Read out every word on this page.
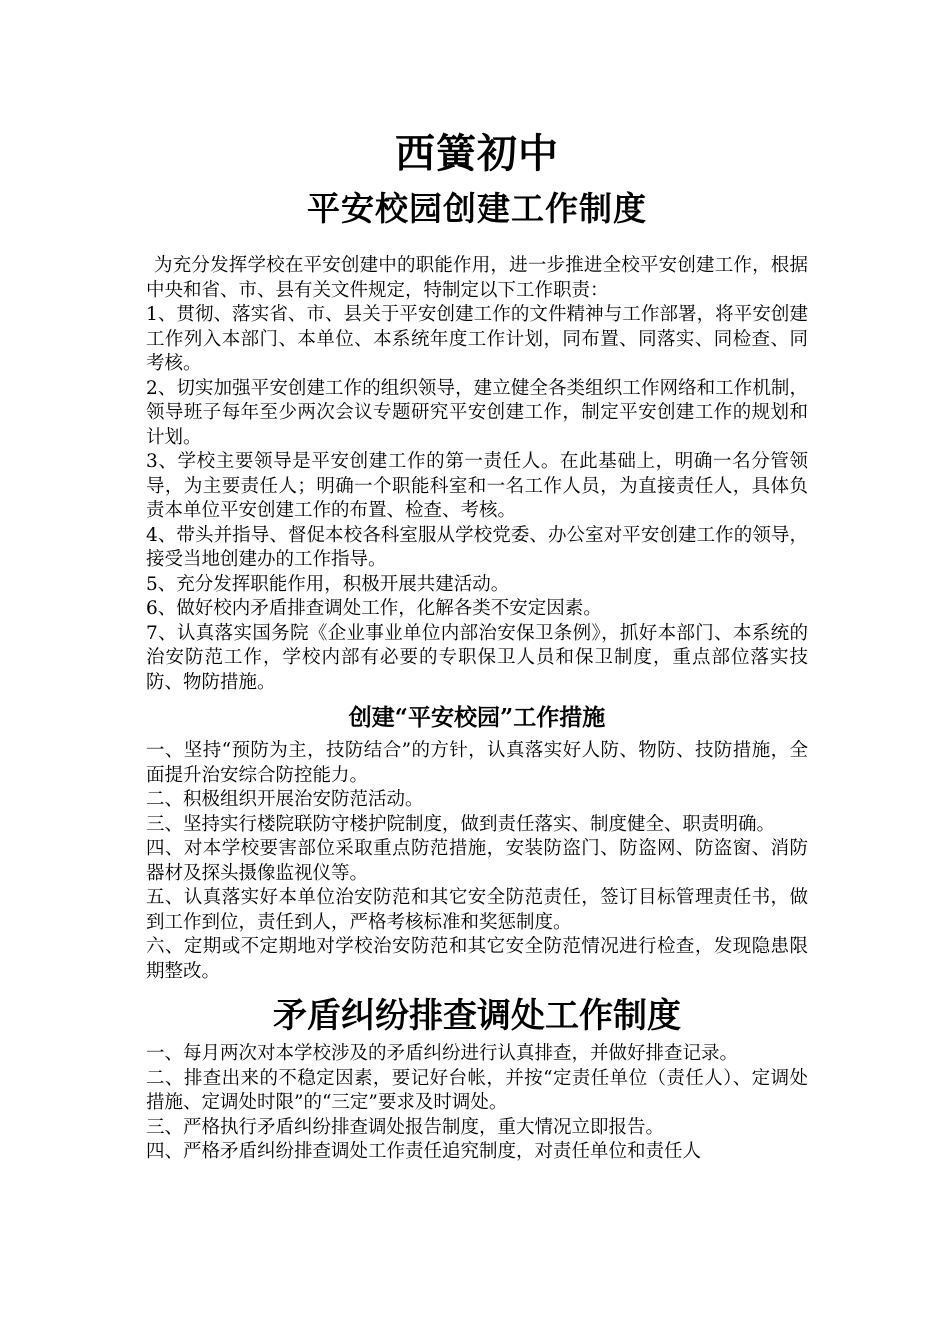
西簧初中
平安校园创建工作制度

为充分发挥学校在平安创建中的职能作用，进一步推进全校平安创建工作，根据中央和省、市、县有关文件规定，特制定以下工作职责：

1、贯彻、落实省、市、县关于平安创建工作的文件精神与工作部署，将平安创建工作列入本部门、本单位、本系统年度工作计划，同布置、同落实、同检查、同考核。

2、切实加强平安创建工作的组织领导，建立健全各类组织工作网络和工作机制，领导班子每年至少两次会议专题研究平安创建工作，制定平安创建工作的规划和计划。

3、学校主要领导是平安创建工作的第一责任人。在此基础上，明确一名分管领导，为主要责任人；明确一个职能科室和一名工作人员，为直接责任人，具体负责本单位平安创建工作的布置、检查、考核。

4、带头并指导、督促本校各科室服从学校党委、办公室对平安创建工作的领导，接受当地创建办的工作指导。

5、充分发挥职能作用，积极开展共建活动。

6、做好校内矛盾排查调处工作，化解各类不安定因素。

7、认真落实国务院《企业事业单位内部治安保卫条例》，抓好本部门、本系统的治安防范工作，学校内部有必要的专职保卫人员和保卫制度，重点部位落实技防、物防措施。

创建“平安校园”工作措施

一、坚持“预防为主，技防结合”的方针，认真落实好人防、物防、技防措施，全面提升治安综合防控能力。

二、积极组织开展治安防范活动。

三、坚持实行楼院联防守楼护院制度，做到责任落实、制度健全、职责明确。

四、对本学校要害部位采取重点防范措施，安装防盗门、防盗网、防盗窗、消防器材及探头摄像监视仪等。

五、认真落实好本单位治安防范和其它安全防范责任，签订目标管理责任书，做到工作到位，责任到人，严格考核标准和奖惩制度。

六、定期或不定期地对学校治安防范和其它安全防范情况进行检查，发现隐患限期整改。

矛盾纠纷排查调处工作制度

一、每月两次对本学校涉及的矛盾纠纷进行认真排查，并做好排查记录。

二、排查出来的不稳定因素，要记好台帐，并按“定责任单位（责任人）、定调处措施、定调处时限”的“三定”要求及时调处。

三、严格执行矛盾纠纷排查调处报告制度，重大情况立即报告。

四、严格矛盾纠纷排查调处工作责任追究制度，对责任单位和责任人
